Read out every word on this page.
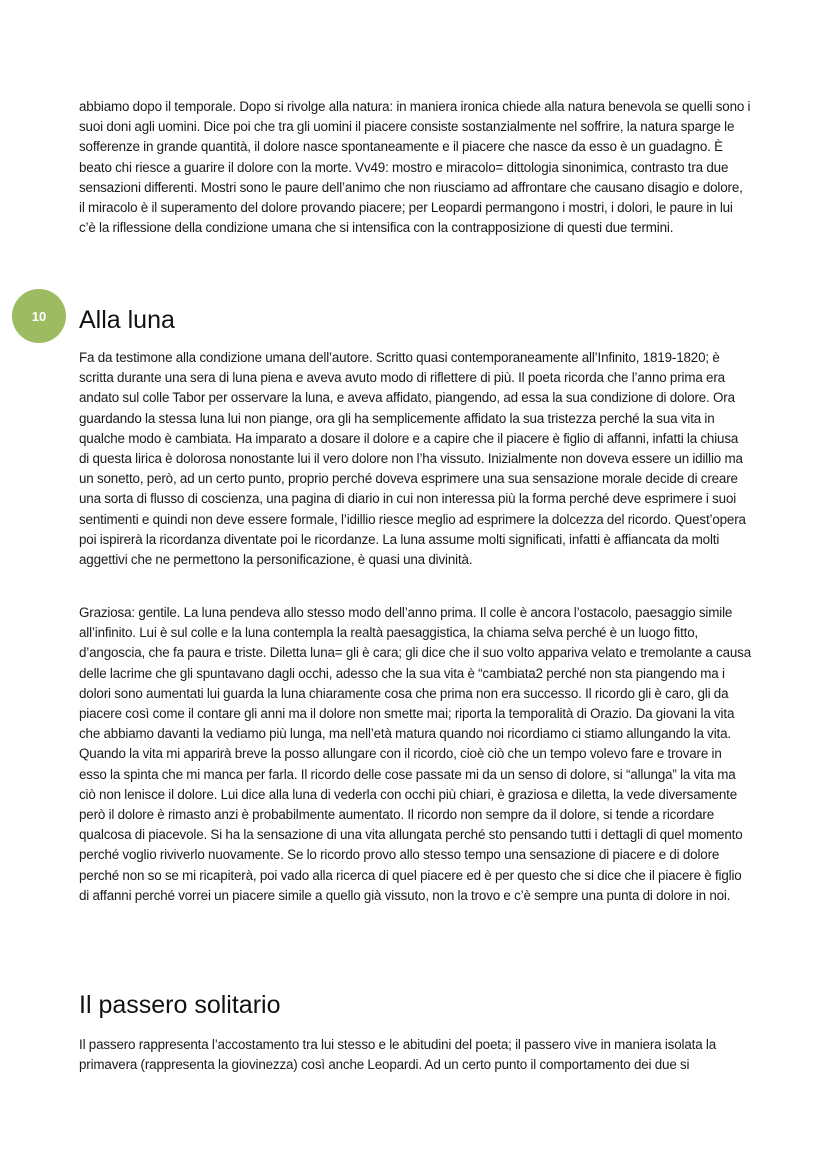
abbiamo dopo il temporale. Dopo si rivolge alla natura: in maniera ironica chiede alla natura benevola se quelli sono i suoi doni agli uomini. Dice poi che tra gli uomini il piacere consiste sostanzialmente nel soffrire, la natura sparge le sofferenze in grande quantità, il dolore nasce spontaneamente e il piacere che nasce da esso è un guadagno. È beato chi riesce a guarire il dolore con la morte. Vv49: mostro e miracolo= dittologia sinonimica, contrasto tra due sensazioni differenti. Mostri sono le paure dell’animo che non riusciamo ad affrontare che causano disagio e dolore, il miracolo è il superamento del dolore provando piacere; per Leopardi permangono i mostri, i dolori, le paure in lui c’è la riflessione della condizione umana che si intensifica con la contrapposizione di questi due termini.

10	Alla luna

Fa da testimone alla condizione umana dell’autore. Scritto quasi contemporaneamente all’Infinito, 1819-1820; è scritta durante una sera di luna piena e aveva avuto modo di riflettere di più. Il poeta ricorda che l’anno prima era andato sul colle Tabor per osservare la luna, e aveva affidato, piangendo, ad essa la sua condizione di dolore. Ora guardando la stessa luna lui non piange, ora gli ha semplicemente affidato la sua tristezza perché la sua vita in qualche modo è cambiata. Ha imparato a dosare il dolore e a capire che il piacere è figlio di affanni, infatti la chiusa di questa lirica è dolorosa nonostante lui il vero dolore non l’ha vissuto. Inizialmente non doveva essere un idillio ma un sonetto, però, ad un certo punto, proprio perché doveva esprimere una sua sensazione morale decide di creare una sorta di flusso di coscienza, una pagina di diario in cui non interessa più la forma perché deve esprimere i suoi sentimenti e quindi non deve essere formale, l’idillio riesce meglio ad esprimere la dolcezza del ricordo. Quest’opera poi ispirerà la ricordanza diventate poi le ricordanze. La luna assume molti significati, infatti è affiancata da molti aggettivi che ne permettono la personificazione, è quasi una divinità.

Graziosa: gentile. La luna pendeva allo stesso modo dell’anno prima. Il colle è ancora l’ostacolo, paesaggio simile all’infinito. Lui è sul colle e la luna contempla la realtà paesaggistica, la chiama selva perché è un luogo fitto, d’angoscia, che fa paura e triste. Diletta luna= gli è cara; gli dice che il suo volto appariva velato e tremolante a causa delle lacrime che gli spuntavano dagli occhi, adesso che la sua vita è “cambiata2 perché non sta piangendo ma i dolori sono aumentati lui guarda la luna chiaramente cosa che prima non era successo. Il ricordo gli è caro, gli da piacere così come il contare gli anni ma il dolore non smette mai; riporta la temporalità di Orazio. Da giovani la vita che abbiamo davanti la vediamo più lunga, ma nell’età matura quando noi ricordiamo ci stiamo allungando la vita. Quando la vita mi apparirà breve la posso allungare con il ricordo, cioè ciò che un tempo volevo fare e trovare in esso la spinta che mi manca per farla. Il ricordo delle cose passate mi da un senso di dolore, si “allunga” la vita ma ciò non lenisce il dolore. Lui dice alla luna di vederla con occhi più chiari, è graziosa e diletta, la vede diversamente però il dolore è rimasto anzi è probabilmente aumentato. Il ricordo non sempre da il dolore, si tende a ricordare qualcosa di piacevole. Si ha la sensazione di una vita allungata perché sto pensando tutti i dettagli di quel momento perché voglio riviverlo nuovamente. Se lo ricordo provo allo stesso tempo una sensazione di piacere e di dolore perché non so se mi ricapiterà, poi vado alla ricerca di quel piacere ed è per questo che si dice che il piacere è figlio di affanni perché vorrei un piacere simile a quello già vissuto, non la trovo e c’è sempre una punta di dolore in noi.

Il passero solitario

Il passero rappresenta l’accostamento tra lui stesso e le abitudini del poeta; il passero vive in maniera isolata la primavera (rappresenta la giovinezza) così anche Leopardi. Ad un certo punto il comportamento dei due si
